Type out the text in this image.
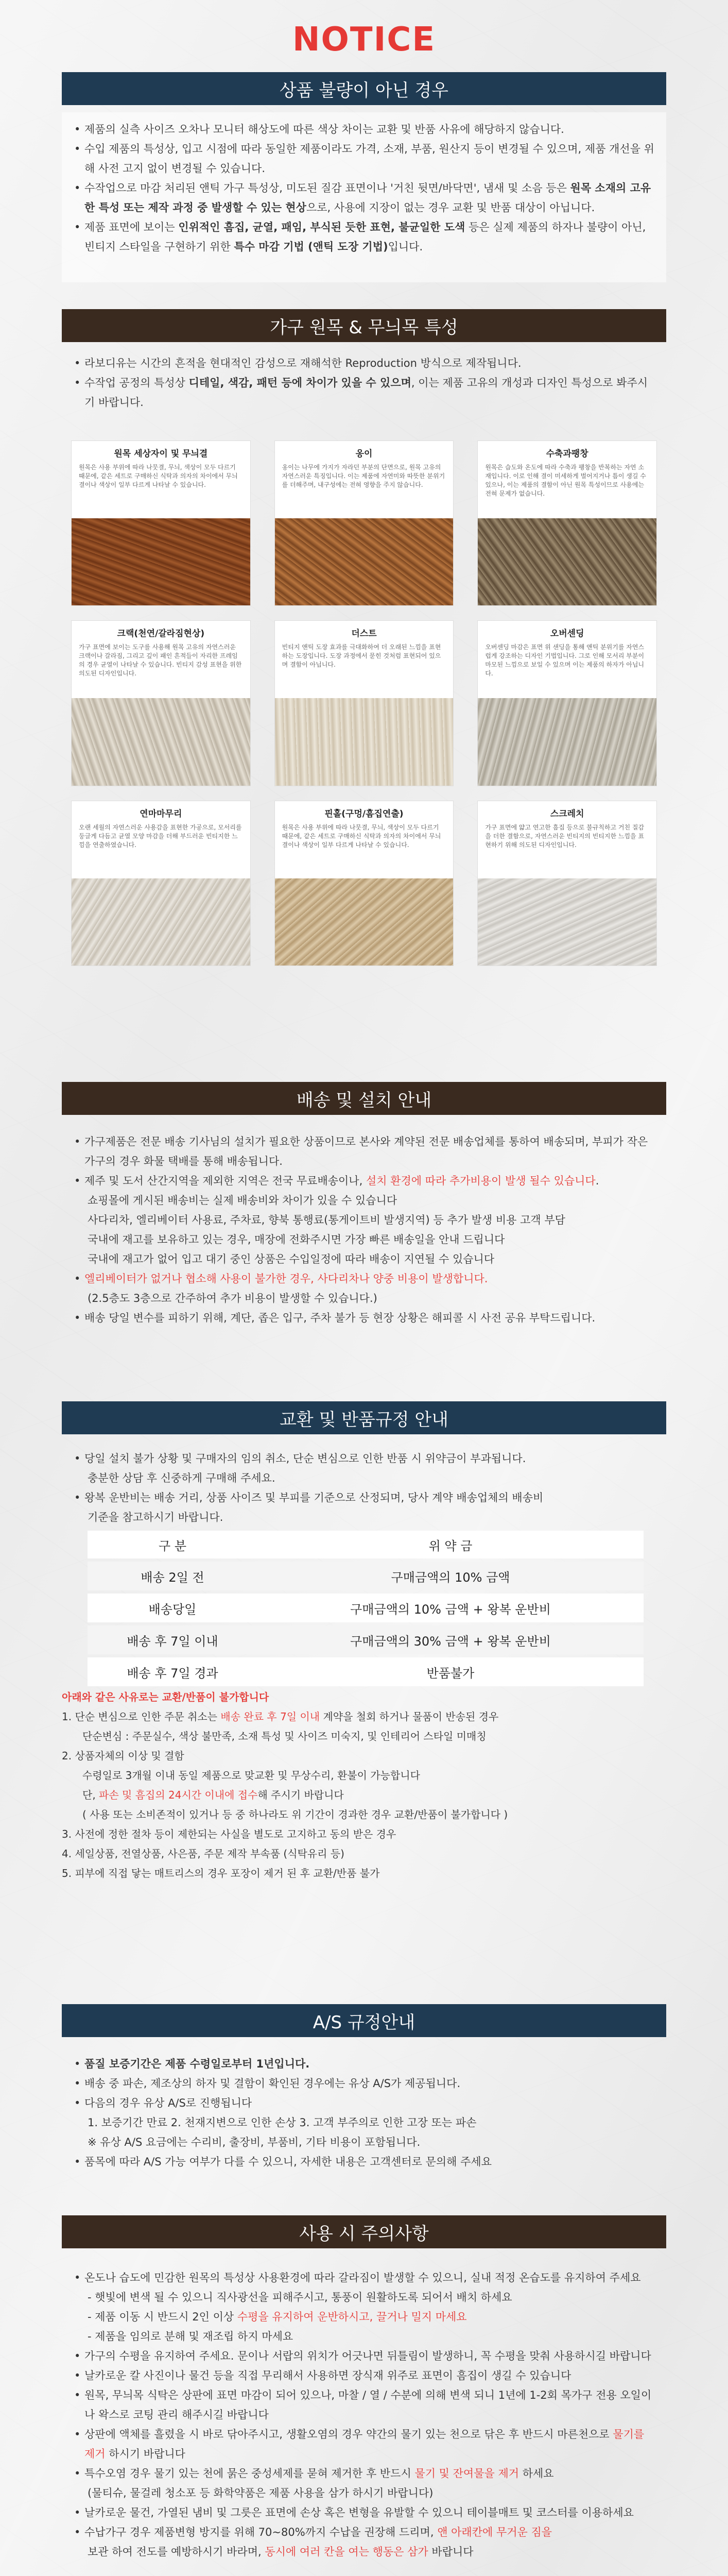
NOTICE
상품 불량이 아닌 경우
• 제품의 실측 사이즈 오차나 모니터 해상도에 따른 색상 차이는 교환 및 반품 사유에 해당하지 않습니다.
• 수입 제품의 특성상, 입고 시점에 따라 동일한 제품이라도 가격, 소재, 부품, 원산지 등이 변경될 수 있으며, 제품 개선을 위해 사전 고지 없이 변경될 수 있습니다.
• 수작업으로 마감 처리된 앤틱 가구 특성상, 미도된 질감 표면이나 '거친 뒷면/바닥면', 냄새 및 소음 등은 원목 소재의 고유한 특성 또는 제작 과정 중 발생할 수 있는 현상으로, 사용에 지장이 없는 경우 교환 및 반품 대상이 아닙니다.
• 제품 표면에 보이는 인위적인 흠집, 균열, 패임, 부식된 듯한 표현, 불균일한 도색 등은 실제 제품의 하자나 불량이 아닌, 빈티지 스타일을 구현하기 위한 특수 마감 기법 (앤틱 도장 기법)입니다.
가구 원목 & 무늬목 특성
• 라보디유는 시간의 흔적을 현대적인 감성으로 재해석한 Reproduction 방식으로 제작됩니다.
• 수작업 공정의 특성상 디테일, 색감, 패턴 등에 차이가 있을 수 있으며, 이는 제품 고유의 개성과 디자인 특성으로 봐주시기 바랍니다.
원목 세상자이 및 무늬결
원목은 사용 부위에 따라 나뭇결, 무늬, 색상이 모두 다르기 때문에, 같은 세트로 구매하신 식탁과 의자의 차이에서 무늬결이나 색상이 일부 다르게 나타날 수 있습니다.
옹이
옹이는 나무에 가지가 자라던 부분의 단면으로, 원목 고유의 자연스러운 특징입니다. 이는 제품에 자연미와 따뜻한 분위기를 더해주며, 내구성에는 전혀 영향을 주지 않습니다.
수축과팽창
원목은 습도와 온도에 따라 수축과 팽창을 반복하는 자연 소재입니다. 이로 인해 결이 미세하게 벌어지거나 틈이 생길 수 있으나, 이는 제품의 결함이 아닌 원목 특성이므로 사용에는 전혀 문제가 없습니다.
크랙(천연/갈라짐현상)
가구 표면에 보이는 도구를 사용해 원목 고유의 자연스러운 크랙이나 갈라짐, 그리고 깊이 패인 흔적들이 자리한 프레임의 경우 균열이 나타날 수 있습니다. 빈티지 감성 표현을 위한 의도된 디자인입니다.
더스트
빈티지 앤틱 도장 효과를 극대화하여 더 오래된 느낌을 표현하는 도장입니다. 도장 과정에서 묻힌 것처럼 표현되어 있으며 결함이 아닙니다.
오버센딩
오버센딩 마감은 표면 위 샌딩을 통해 앤틱 분위기를 자연스럽게 강조하는 디자인 기법입니다. 그로 인해 모서리 부분이 마모된 느낌으로 보일 수 있으며 이는 제품의 하자가 아닙니다.
연마마무리
오랜 세월의 자연스러운 사용감을 표현한 가공으로, 모서리를 둥글게 다듬고 균열 모양 마감을 더해 부드러운 빈티지한 느낌을 연출하였습니다.
핀홀(구멍/흠집연출)
원목은 사용 부위에 따라 나뭇결, 무늬, 색상이 모두 다르기 때문에, 같은 세트로 구매하신 식탁과 의자의 차이에서 무늬결이나 색상이 일부 다르게 나타날 수 있습니다.
스크레치
가구 표면에 얇고 연고한 흠집 등으로 불규칙하고 거친 질감을 더한 결함으로, 자연스러운 빈티지의 빈티지한 느낌을 표현하기 위해 의도된 디자인입니다.
배송 및 설치 안내
• 가구제품은 전문 배송 기사님의 설치가 필요한 상품이므로 본사와 계약된 전문 배송업체를 통하여 배송되며, 부피가 작은 가구의 경우 화물 택배를 통해 배송됩니다.
• 제주 및 도서 산간지역을 제외한 지역은 전국 무료배송이나, 설치 환경에 따라 추가비용이 발생 될수 있습니다.
쇼핑몰에 게시된 배송비는 실제 배송비와 차이가 있을 수 있습니다
사다리차, 엘리베이터 사용료, 주차료, 향북 통행료(통게이트비 발생지역) 등 추가 발생 비용 고객 부담
국내에 재고를 보유하고 있는 경우, 매장에 전화주시면 가장 빠른 배송일을 안내 드립니다
국내에 재고가 없어 입고 대기 중인 상품은 수입일정에 따라 배송이 지연될 수 있습니다
• 엘리베이터가 없거나 협소해 사용이 불가한 경우, 사다리차나 양중 비용이 발생합니다.
(2.5층도 3층으로 간주하여 추가 비용이 발생할 수 있습니다.)
• 배송 당일 변수를 피하기 위해, 계단, 좁은 입구, 주차 불가 등 현장 상황은 해피콜 시 사전 공유 부탁드립니다.
교환 및 반품규정 안내
• 당일 설치 불가 상황 및 구매자의 임의 취소, 단순 변심으로 인한 반품 시 위약금이 부과됩니다.
충분한 상담 후 신중하게 구매해 주세요.
• 왕복 운반비는 배송 거리, 상품 사이즈 및 부피를 기준으로 산정되며, 당사 계약 배송업체의 배송비
기준을 참고하시기 바랍니다.
구 분	위 약 금
배송 2일 전	구매금액의 10% 금액
배송당일	구매금액의 10% 금액 + 왕복 운반비
배송 후 7일 이내	구매금액의 30% 금액 + 왕복 운반비
배송 후 7일 경과	반품불가

아래와 같은 사유로는 교환/반품이 불가합니다

1. 단순 변심으로 인한 주문 취소는 배송 완료 후 7일 이내 계약을 철회 하거나 물품이 반송된 경우
단순변심 : 주문실수, 색상 불만족, 소재 특성 및 사이즈 미숙지, 및 인테리어 스타일 미매칭
2. 상품자체의 이상 및 결함
수령일로 3개월 이내 동일 제품으로 맞교환 및 무상수리, 환불이 가능합니다
단, 파손 및 흠집의 24시간 이내에 접수해 주시기 바랍니다
( 사용 또는 소비존적이 있거나 등 중 하나라도 위 기간이 경과한 경우 교환/반품이 불가합니다 )
3. 사전에 정한 절차 등이 제한되는 사실을 별도로 고지하고 동의 받은 경우
4. 세일상품, 전열상품, 사은품, 주문 제작 부속품 (식탁유리 등)
5. 피부에 직접 닿는 매트리스의 경우 포장이 제거 된 후 교환/반품 불가
A/S 규정안내
• 품질 보증기간은 제품 수령일로부터 1년입니다.
• 배송 중 파손, 제조상의 하자 및 결함이 확인된 경우에는 유상 A/S가 제공됩니다.
• 다음의 경우 유상 A/S로 진행됩니다
1. 보증기간 만료 2. 천재지변으로 인한 손상 3. 고객 부주의로 인한 고장 또는 파손
※ 유상 A/S 요금에는 수리비, 출장비, 부품비, 기타 비용이 포함됩니다.
• 품목에 따라 A/S 가능 여부가 다를 수 있으니, 자세한 내용은 고객센터로 문의해 주세요
사용 시 주의사항
• 온도나 습도에 민감한 원목의 특성상 사용환경에 따라 갈라짐이 발생할 수 있으니, 실내 적정 온습도를 유지하여 주세요
- 햇빛에 변색 될 수 있으니 직사광선을 피해주시고, 통풍이 원활하도록 되어서 배치 하세요
- 제품 이동 시 반드시 2인 이상 수평을 유지하여 운반하시고, 끌거나 밀지 마세요
- 제품을 임의로 분해 및 재조립 하지 마세요
• 가구의 수평을 유지하여 주세요. 문이나 서랍의 위치가 어긋나면 뒤틀림이 발생하니, 꼭 수평을 맞춰 사용하시길 바랍니다
• 날카로운 칼 사진이나 물건 등을 직접 무리해서 사용하면 장식재 위주로 표면이 흠집이 생길 수 있습니다
• 원목, 무늬목 식탁은 상판에 표면 마감이 되어 있으나, 마찰 / 열 / 수분에 의해 변색 되니 1년에 1-2회 목가구 전용 오일이나 왁스로 코팅 관리 해주시길 바랍니다
• 상판에 액체를 흘렸을 시 바로 닦아주시고, 생활오염의 경우 약간의 물기 있는 천으로 닦은 후 반드시 마른천으로 물기를 제거 하시기 바랍니다
• 특수오염 경우 물기 있는 천에 묽은 중성세제를 묻혀 제거한 후 반드시 물기 및 잔여물을 제거 하세요
(물티슈, 물걸레 청소포 등 화학약품은 제품 사용을 삼가 하시기 바랍니다)
• 날카로운 물건, 가열된 냄비 및 그릇은 표면에 손상 혹은 변형을 유발할 수 있으니 테이블매트 및 코스터를 이용하세요
• 수납가구 경우 제품변형 방지를 위해 70~80%까지 수납을 권장해 드리며, 앤 아래칸에 무거운 짐을
보관 하여 전도를 예방하시기 바라며, 동시에 여러 칸을 여는 행동은 삼가 바랍니다
